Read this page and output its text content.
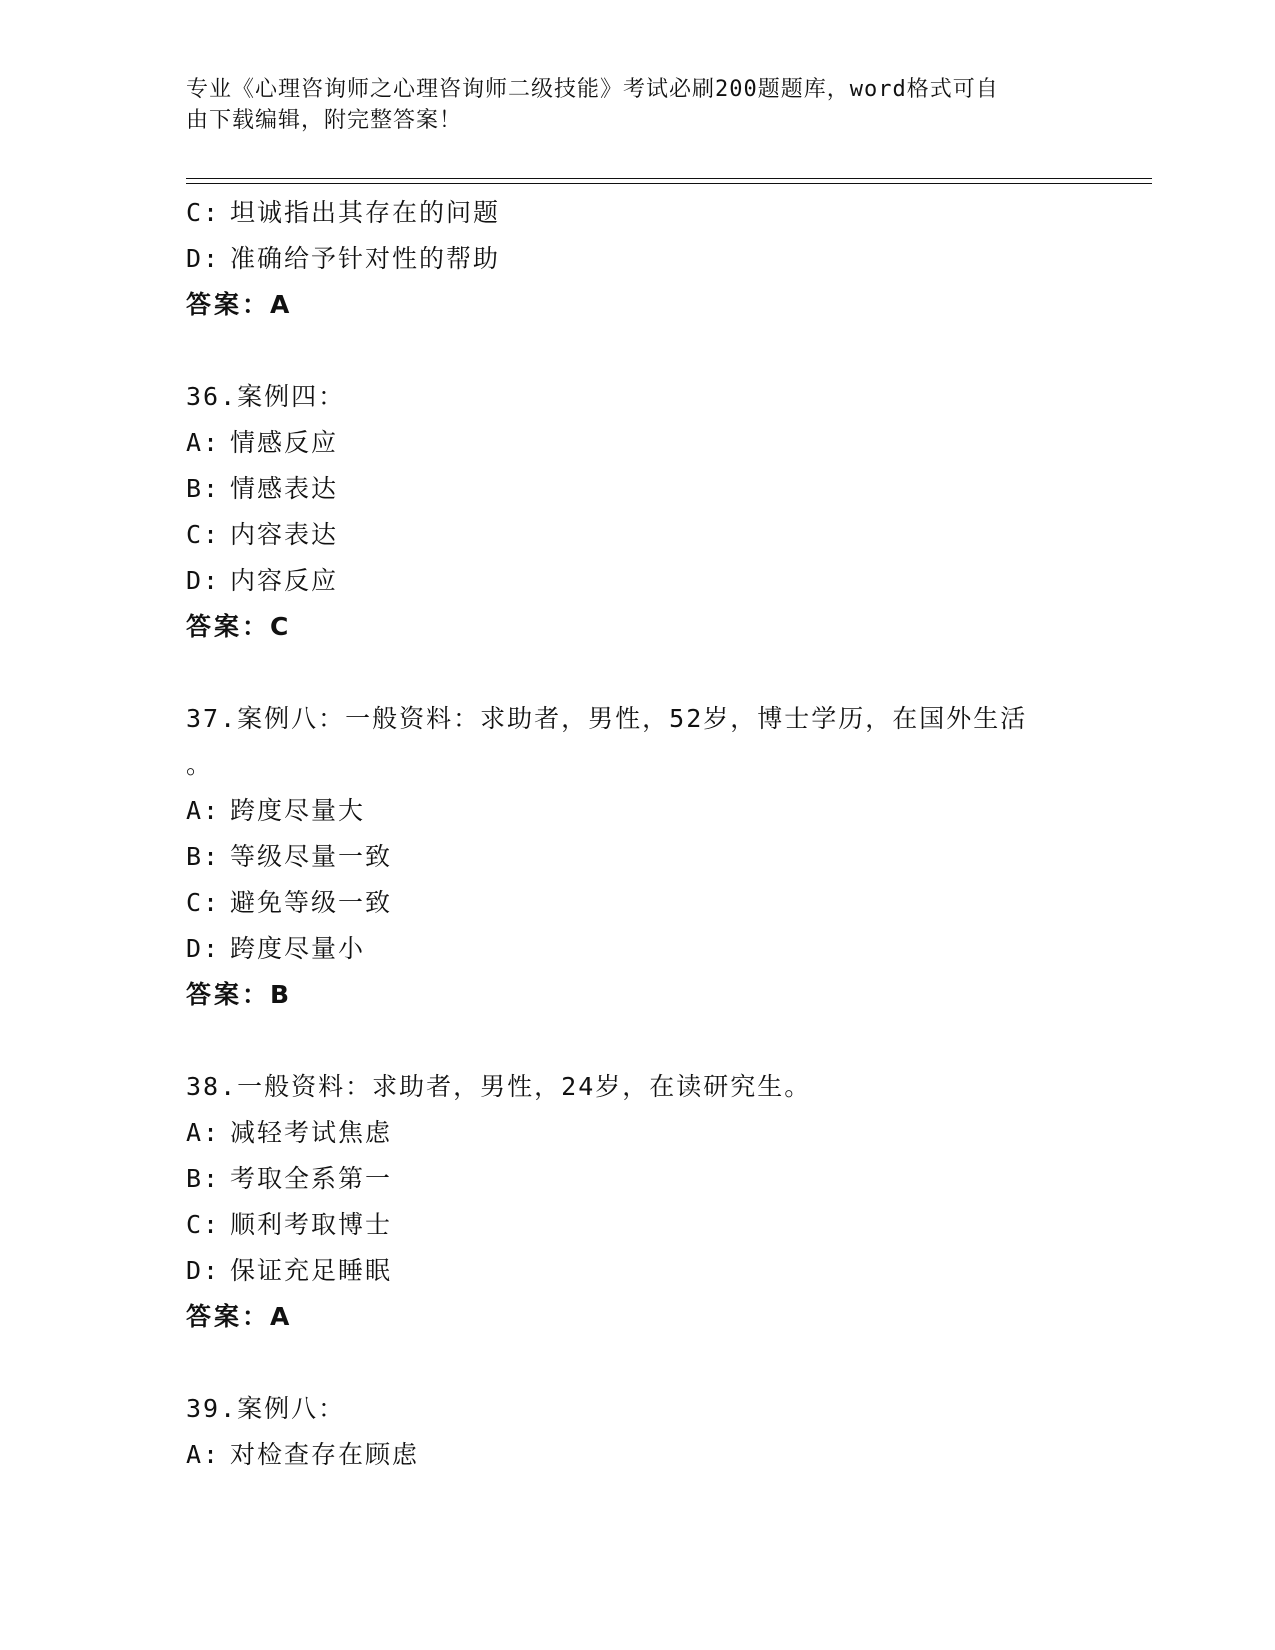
专业《心理咨询师之心理咨询师二级技能》考试必刷200题题库，word格式可自
由下载编辑，附完整答案！
C: 坦诚指出其存在的问题
D: 准确给予针对性的帮助
答案：A
36.案例四：
A: 情感反应
B: 情感表达
C: 内容表达
D: 内容反应
答案：C
37.案例八：一般资料：求助者，男性，52岁，博士学历，在国外生活
。
A: 跨度尽量大
B: 等级尽量一致
C: 避免等级一致
D: 跨度尽量小
答案：B
38.一般资料：求助者，男性，24岁，在读研究生。
A: 减轻考试焦虑
B: 考取全系第一
C: 顺利考取博士
D: 保证充足睡眠
答案：A
39.案例八：
A: 对检查存在顾虑
